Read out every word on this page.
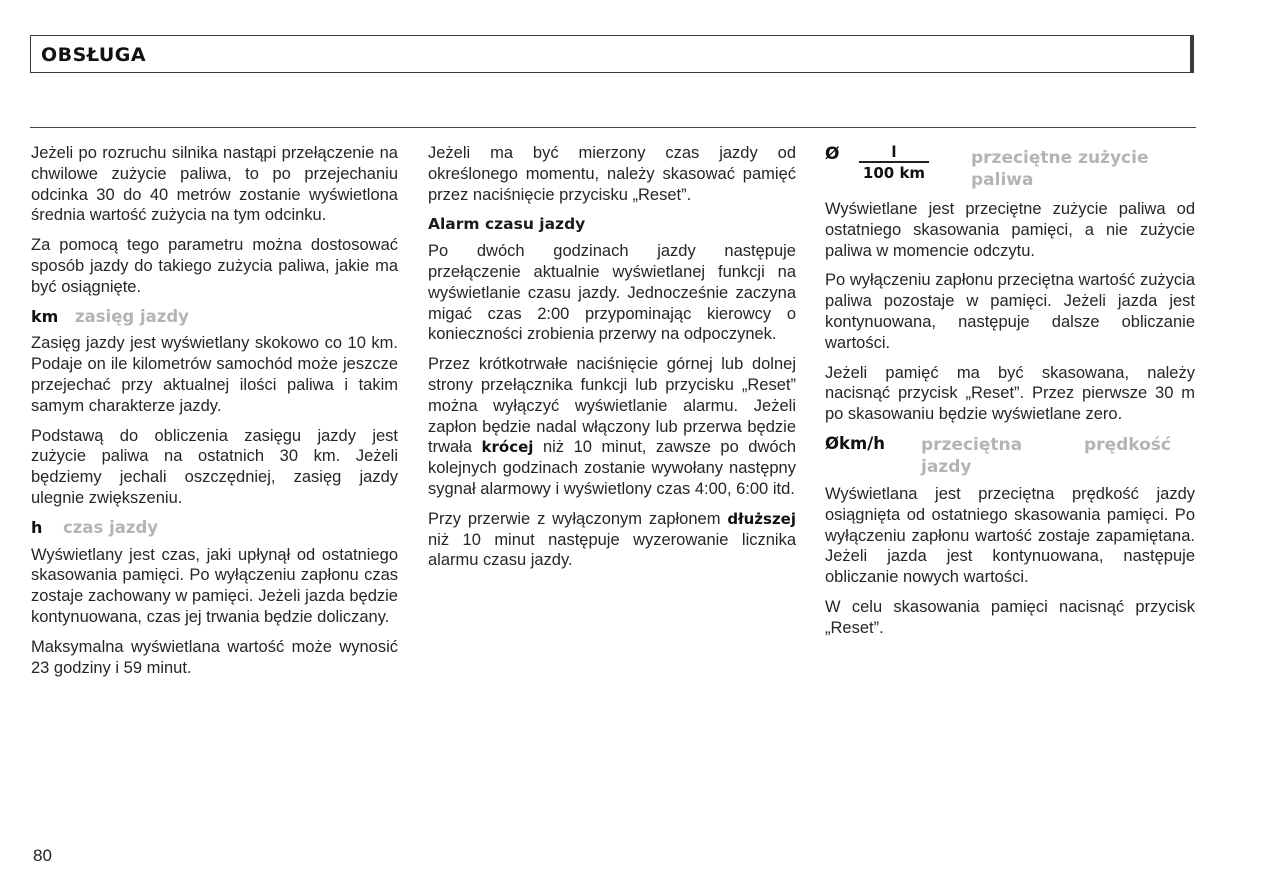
OBSŁUGA

Jeżeli po rozruchu silnika nastąpi przełączenie na chwilowe zużycie paliwa, to po przejechaniu odcinka 30 do 40 metrów zostanie wyświetlona średnia wartość zużycia na tym odcinku.

Za pomocą tego parametru można dostosować sposób jazdy do takiego zużycia paliwa, jakie ma być osiągnięte.

km	zasięg jazdy

Zasięg jazdy jest wyświetlany skokowo co 10 km. Podaje on ile kilometrów samochód może jeszcze przejechać przy aktualnej ilości paliwa i takim samym charakterze jazdy.

Podstawą do obliczenia zasięgu jazdy jest zużycie paliwa na ostatnich 30 km. Jeżeli będziemy jechali oszczędniej, zasięg jazdy ulegnie zwiększeniu.

h	czas jazdy

Wyświetlany jest czas, jaki upłynął od ostatniego skasowania pamięci. Po wyłączeniu zapłonu czas zostaje zachowany w pamięci. Jeżeli jazda będzie kontynuowana, czas jej trwania będzie doliczany.

Maksymalna wyświetlana wartość może wynosić 23 godziny i 59 minut.

Jeżeli ma być mierzony czas jazdy od określonego momentu, należy skasować pamięć przez naciśnięcie przycisku „Reset”.

Alarm czasu jazdy

Po dwóch godzinach jazdy następuje przełączenie aktualnie wyświetlanej funkcji na wyświetlanie czasu jazdy. Jednocześnie zaczyna migać czas 2:00 przypominając kierowcy o konieczności zrobienia przerwy na odpoczynek.

Przez krótkotrwałe naciśnięcie górnej lub dolnej strony przełącznika funkcji lub przycisku „Reset” można wyłączyć wyświetlanie alarmu. Jeżeli zapłon będzie nadal włączony lub przerwa będzie trwała krócej niż 10 minut, zawsze po dwóch kolejnych godzinach zostanie wywołany następny sygnał alarmowy i wyświetlony czas 4:00, 6:00 itd.

Przy przerwie z wyłączonym zapłonem dłuższej niż 10 minut następuje wyzerowanie licznika alarmu czasu jazdy.

Ø	$\frac{l}{100 km}$ przeciętne zużycie paliwa

Wyświetlane jest przeciętne zużycie paliwa od ostatniego skasowania pamięci, a nie zużycie paliwa w momencie odczytu.

Po wyłączeniu zapłonu przeciętna wartość zużycia paliwa pozostaje w pamięci. Jeżeli jazda jest kontynuowana, następuje dalsze obliczanie wartości.

Jeżeli pamięć ma być skasowana, należy nacisnąć przycisk „Reset”. Przez pierwsze 30 m po skasowaniu będzie wyświetlane zero.

Økm/h	przeciętna prędkość jazdy

Wyświetlana jest przeciętna prędkość jazdy osiągnięta od ostatniego skasowania pamięci. Po wyłączeniu zapłonu wartość zostaje zapamiętana. Jeżeli jazda jest kontynuowana, następuje obliczanie nowych wartości.

W celu skasowania pamięci nacisnąć przycisk „Reset”.

80
